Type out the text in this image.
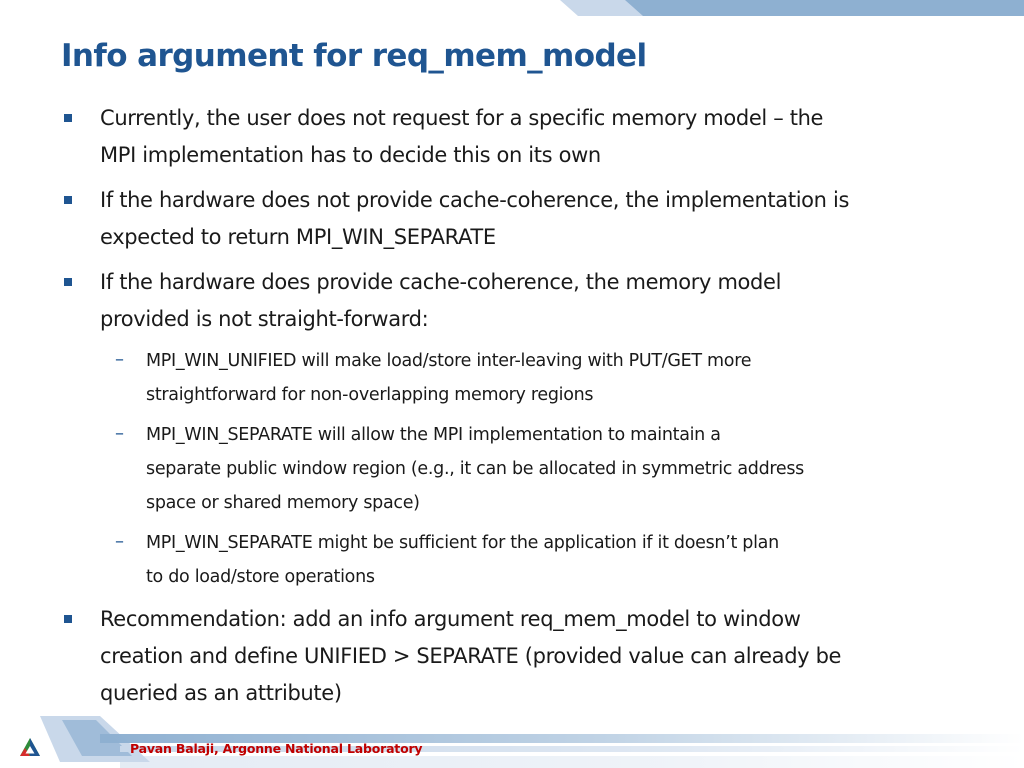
Info argument for req_mem_model
Currently, the user does not request for a specific memory model – the
MPI implementation has to decide this on its own
If the hardware does not provide cache-coherence, the implementation is
expected to return MPI_WIN_SEPARATE
If the hardware does provide cache-coherence, the memory model
provided is not straight-forward:
– MPI_WIN_UNIFIED will make load/store inter-leaving with PUT/GET more
straightforward for non-overlapping memory regions
– MPI_WIN_SEPARATE will allow the MPI implementation to maintain a
separate public window region (e.g., it can be allocated in symmetric address
space or shared memory space)
– MPI_WIN_SEPARATE might be sufficient for the application if it doesn’t plan
to do load/store operations
Recommendation: add an info argument req_mem_model to window
creation and define UNIFIED > SEPARATE (provided value can already be
queried as an attribute)
Pavan Balaji, Argonne National Laboratory
